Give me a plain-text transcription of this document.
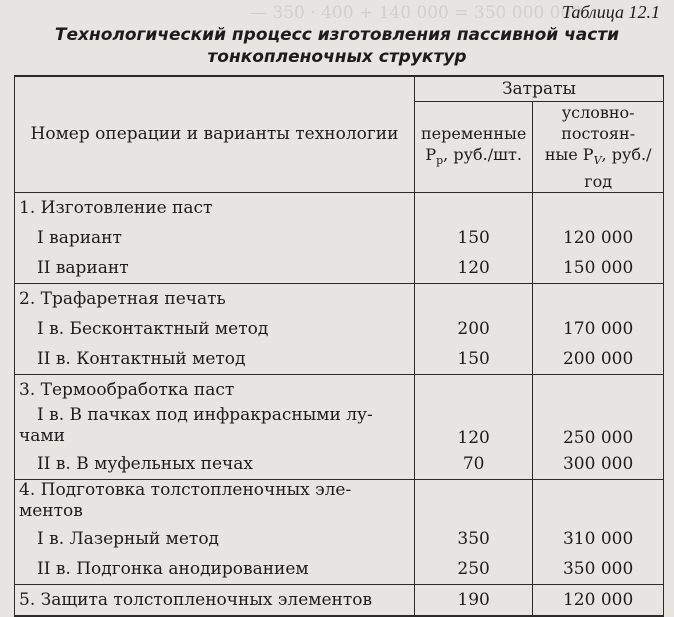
— 350 · 400 + 140 000 = 350 000 000
Таблица 12.1
Технологический процесс изготовления пассивной части
тонкопленочных структур
Номер операции и варианты технологии	Затраты	
	переменные
$P_p$, руб./шт.	условно-постоян-
ные $P_V$, руб./год
1. Изготовление паст		
I вариант	150	120 000
II вариант	120	150 000
2. Трафаретная печать		
I в. Бесконтактный метод	200	170 000
II в. Контактный метод	150	200 000
3. Термообработка паст		
I в. В пачках под инфракрасными лу-
чами	120	250 000
II в. В муфельных печах	70	300 000
4. Подготовка толстопленочных эле-
ментов		
I в. Лазерный метод	350	310 000
II в. Подгонка анодированием	250	350 000
5. Защита толстопленочных элементов	190	120 000
